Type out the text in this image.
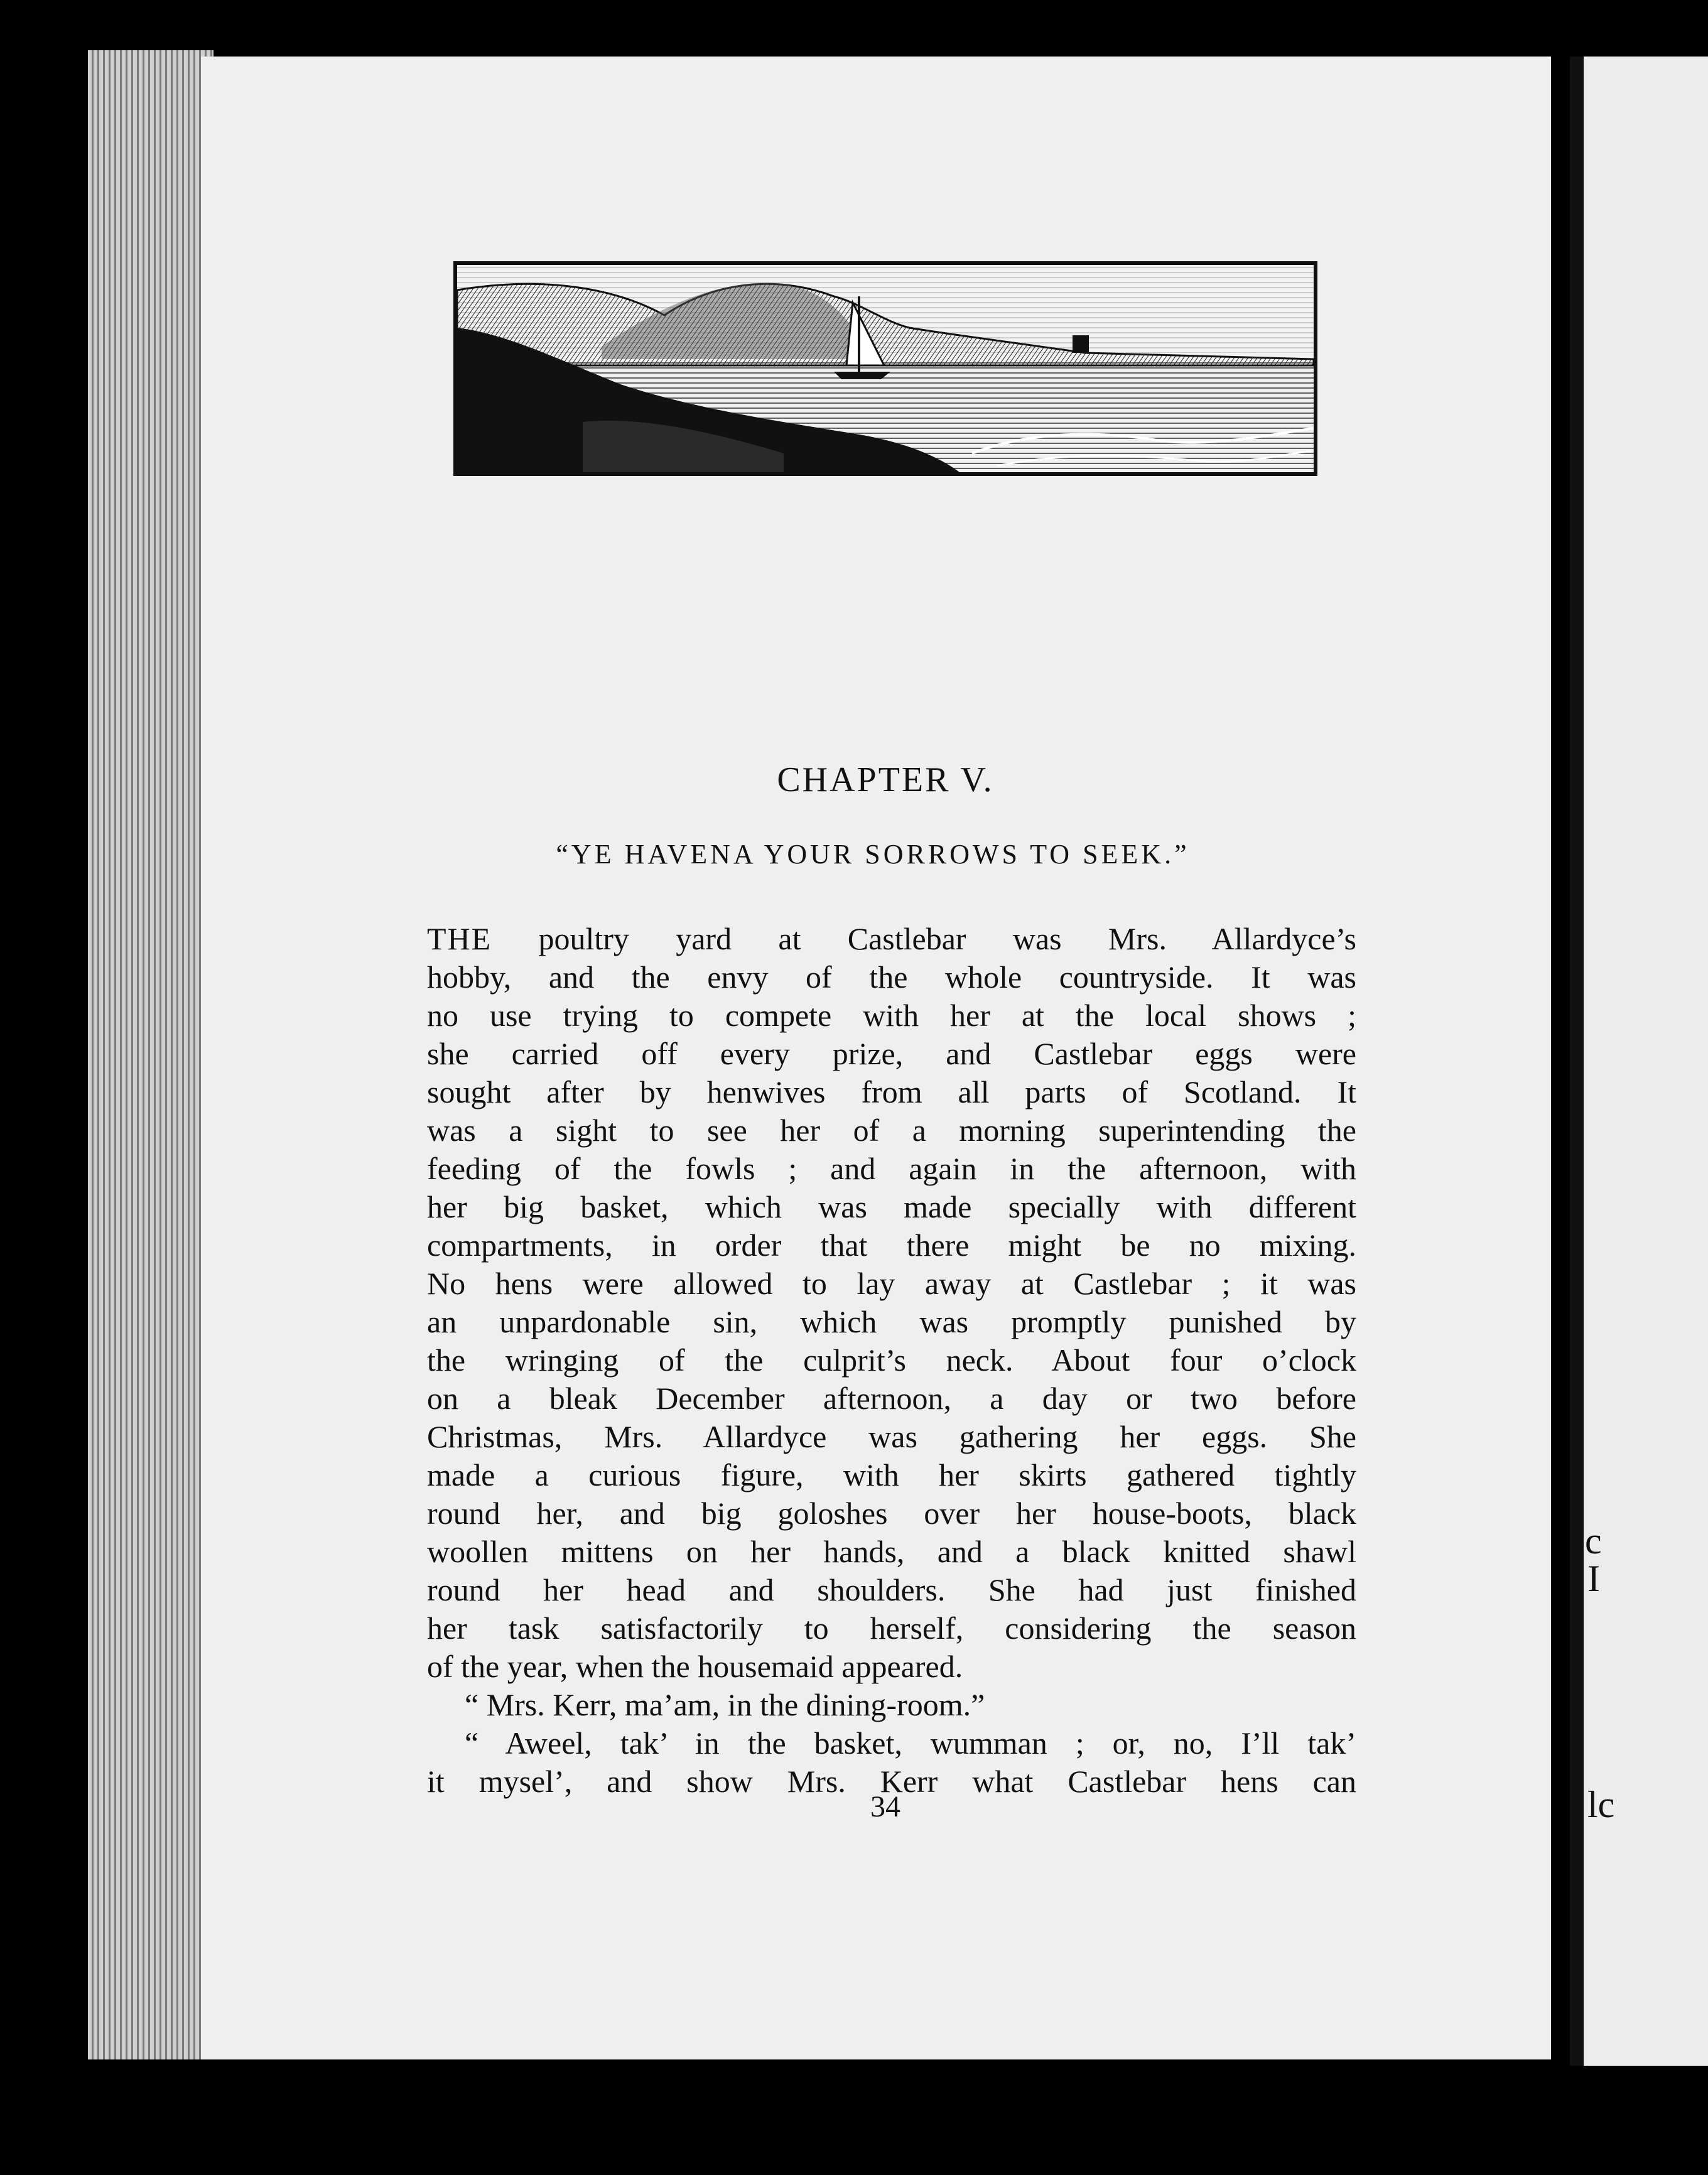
c
I
lc
CHAPTER V.
“YE HAVENA YOUR SORROWS TO SEEK.”
THE poultry yard at Castlebar was Mrs. Allardyce’s
hobby, and the envy of the whole countryside. It was
no use trying to compete with her at the local shows ;
she carried off every prize, and Castlebar eggs were
sought after by henwives from all parts of Scotland. It
was a sight to see her of a morning superintending the
feeding of the fowls ; and again in the afternoon, with
her big basket, which was made specially with different
compartments, in order that there might be no mixing.
No hens were allowed to lay away at Castlebar ; it was
an unpardonable sin, which was promptly punished by
the wringing of the culprit’s neck. About four o’clock
on a bleak December afternoon, a day or two before
Christmas, Mrs. Allardyce was gathering her eggs. She
made a curious figure, with her skirts gathered tightly
round her, and big goloshes over her house-boots, black
woollen mittens on her hands, and a black knitted shawl
round her head and shoulders. She had just finished
her task satisfactorily to herself, considering the season
of the year, when the housemaid appeared.
“ Mrs. Kerr, ma’am, in the dining-room.”
“ Aweel, tak’ in the basket, wumman ; or, no, I’ll tak’
it mysel’, and show Mrs. Kerr what Castlebar hens can
34
